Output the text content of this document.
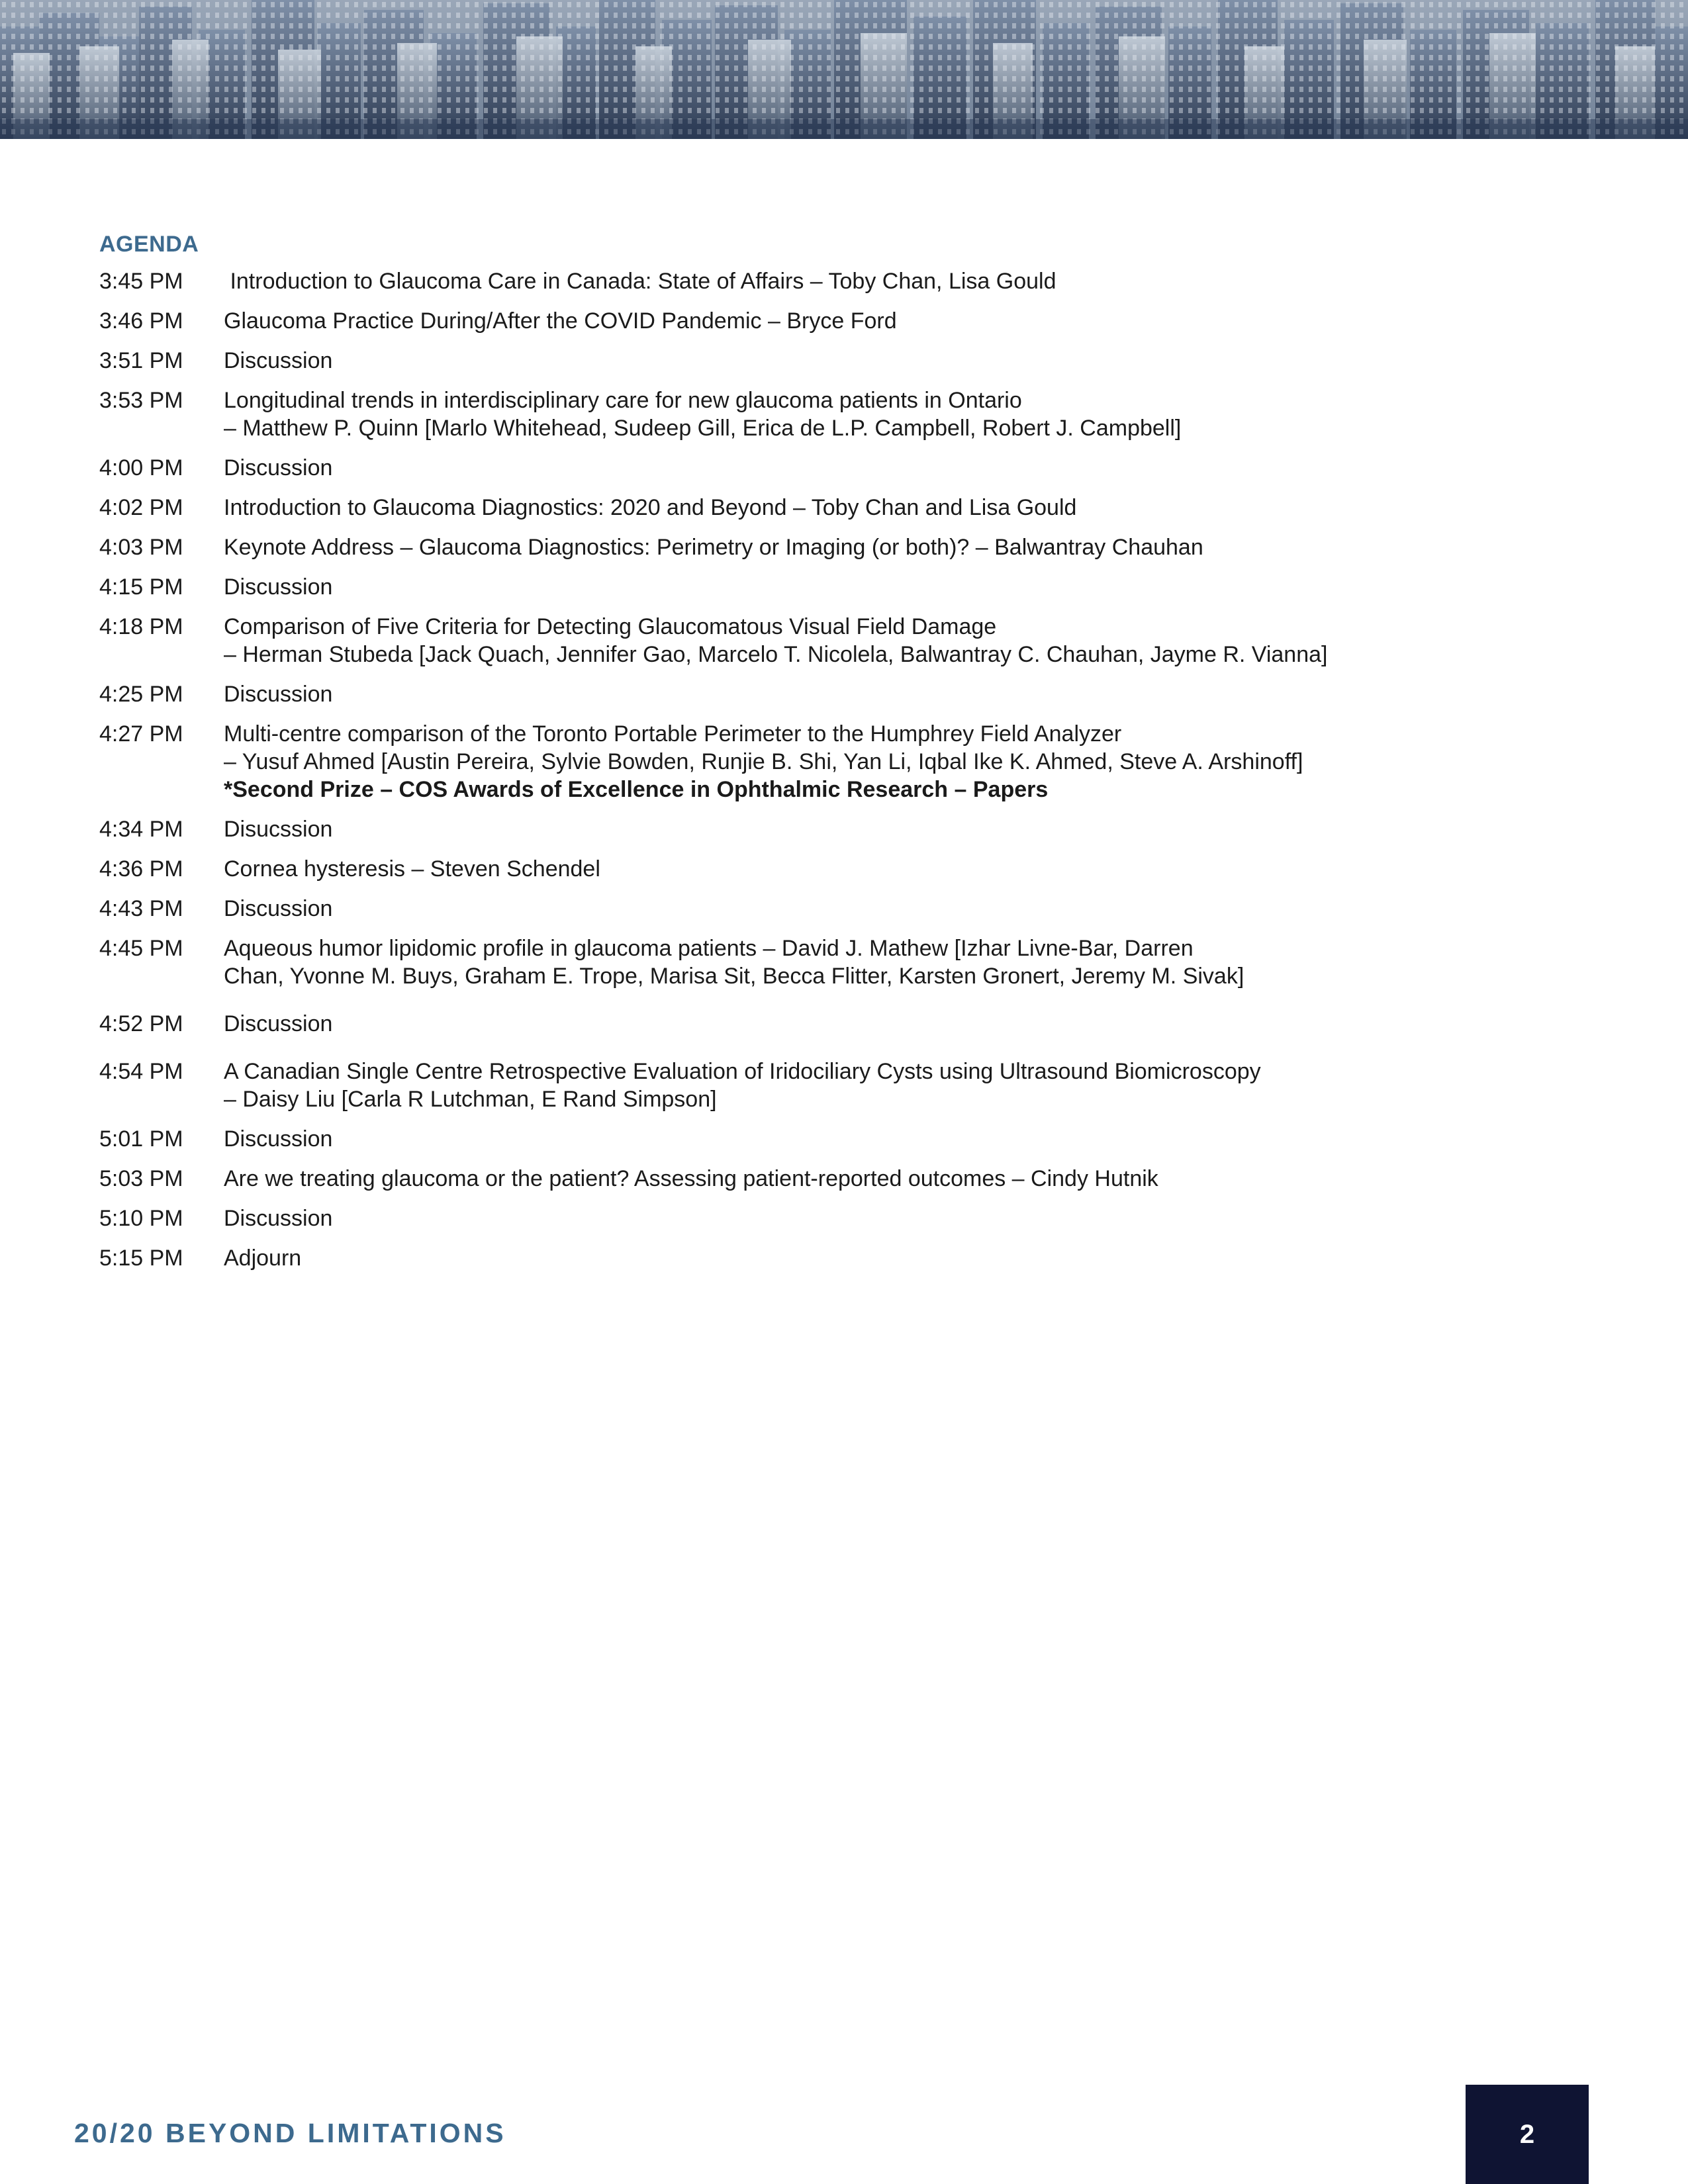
AGENDA
3:45 PM	Introduction to Glaucoma Care in Canada: State of Affairs – Toby Chan, Lisa Gould
3:46 PM	Glaucoma Practice During/After the COVID Pandemic – Bryce Ford
3:51 PM	Discussion
3:53 PM	Longitudinal trends in interdisciplinary care for new glaucoma patients in Ontario
– Matthew P. Quinn [Marlo Whitehead, Sudeep Gill, Erica de L.P. Campbell, Robert J. Campbell]
4:00 PM	Discussion
4:02 PM	Introduction to Glaucoma Diagnostics: 2020 and Beyond – Toby Chan and Lisa Gould
4:03 PM	Keynote Address – Glaucoma Diagnostics: Perimetry or Imaging (or both)? – Balwantray Chauhan
4:15 PM	Discussion
4:18 PM	Comparison of Five Criteria for Detecting Glaucomatous Visual Field Damage
– Herman Stubeda [Jack Quach, Jennifer Gao, Marcelo T. Nicolela, Balwantray C. Chauhan, Jayme R. Vianna]
4:25 PM	Discussion
4:27 PM	Multi-centre comparison of the Toronto Portable Perimeter to the Humphrey Field Analyzer
– Yusuf Ahmed [Austin Pereira, Sylvie Bowden, Runjie B. Shi, Yan Li, Iqbal Ike K. Ahmed, Steve A. Arshinoff]
*Second Prize – COS Awards of Excellence in Ophthalmic Research – Papers
4:34 PM	Disucssion
4:36 PM	Cornea hysteresis – Steven Schendel
4:43 PM	Discussion
4:45 PM	Aqueous humor lipidomic profile in glaucoma patients – David J. Mathew [Izhar Livne-Bar, Darren
Chan, Yvonne M. Buys, Graham E. Trope, Marisa Sit, Becca Flitter, Karsten Gronert, Jeremy M. Sivak]
4:52 PM	Discussion
4:54 PM	A Canadian Single Centre Retrospective Evaluation of Iridociliary Cysts using Ultrasound Biomicroscopy
– Daisy Liu [Carla R Lutchman, E Rand Simpson]
5:01 PM	Discussion
5:03 PM	Are we treating glaucoma or the patient? Assessing patient-reported outcomes – Cindy Hutnik
5:10 PM	Discussion
5:15 PM	Adjourn
20/20 BEYOND LIMITATIONS	2
